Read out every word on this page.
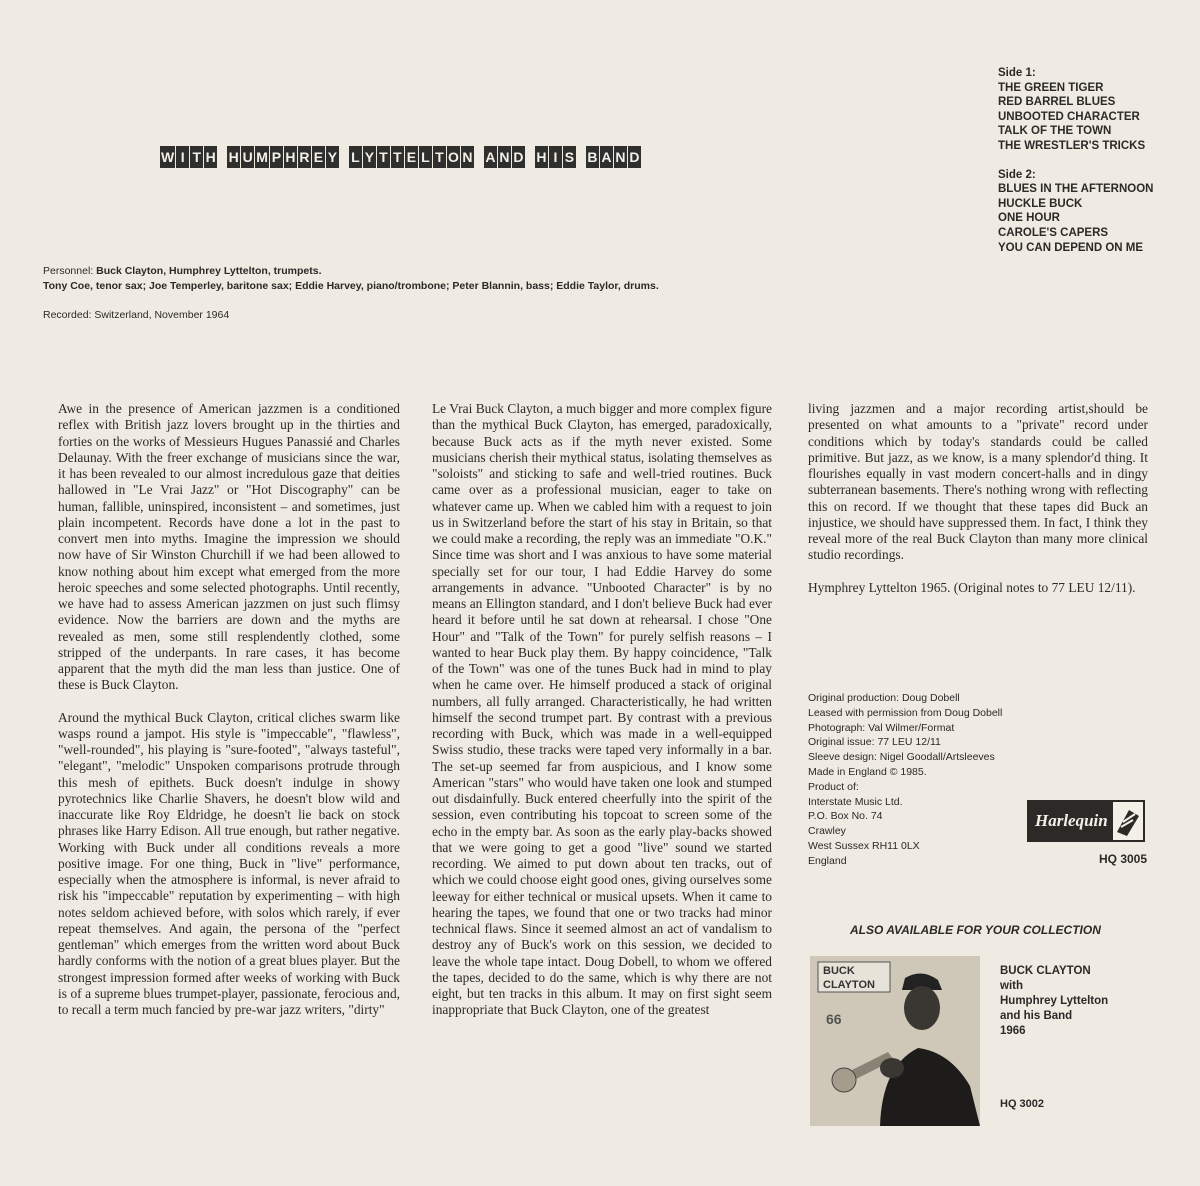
W I T H H U M P H R E Y L Y T T E L T O N A N D H I S B A N D
Side 1:
THE GREEN TIGER
RED BARREL BLUES
UNBOOTED CHARACTER
TALK OF THE TOWN
THE WRESTLER'S TRICKS
Side 2:
BLUES IN THE AFTERNOON
HUCKLE BUCK
ONE HOUR
CAROLE'S CAPERS
YOU CAN DEPEND ON ME
Personnel: Buck Clayton, Humphrey Lyttelton, trumpets.
Tony Coe, tenor sax; Joe Temperley, baritone sax; Eddie Harvey, piano/trombone; Peter Blannin, bass; Eddie Taylor, drums.
Recorded: Switzerland, November 1964

Awe in the presence of American jazzmen is a conditioned reflex with British jazz lovers brought up in the thirties and forties on the works of Messieurs Hugues Panassié and Charles Delaunay. With the freer exchange of musicians since the war, it has been revealed to our almost incredulous gaze that deities hallowed in "Le Vrai Jazz" or "Hot Discography" can be human, fallible, uninspired, inconsistent – and sometimes, just plain incompetent. Records have done a lot in the past to convert men into myths. Imagine the impression we should now have of Sir Winston Churchill if we had been allowed to know nothing about him except what emerged from the more heroic speeches and some selected photographs. Until recently, we have had to assess American jazzmen on just such flimsy evidence. Now the barriers are down and the myths are revealed as men, some still resplendently clothed, some stripped of the underpants. In rare cases, it has become apparent that the myth did the man less than justice. One of these is Buck Clayton.

Around the mythical Buck Clayton, critical cliches swarm like wasps round a jampot. His style is "impeccable", "flawless", "well-rounded", his playing is "sure-footed", "always tasteful", "elegant", "melodic" Unspoken comparisons protrude through this mesh of epithets. Buck doesn't indulge in showy pyrotechnics like Charlie Shavers, he doesn't blow wild and inaccurate like Roy Eldridge, he doesn't lie back on stock phrases like Harry Edison. All true enough, but rather negative. Working with Buck under all conditions reveals a more positive image. For one thing, Buck in "live" performance, especially when the atmosphere is informal, is never afraid to risk his "impeccable" reputation by experimenting – with high notes seldom achieved before, with solos which rarely, if ever repeat themselves. And again, the persona of the "perfect gentleman" which emerges from the written word about Buck hardly conforms with the notion of a great blues player. But the strongest impression formed after weeks of working with Buck is of a supreme blues trumpet-player, passionate, ferocious and, to recall a term much fancied by pre-war jazz writers, "dirty"

Le Vrai Buck Clayton, a much bigger and more complex figure than the mythical Buck Clayton, has emerged, paradoxically, because Buck acts as if the myth never existed. Some musicians cherish their mythical status, isolating themselves as "soloists" and sticking to safe and well-tried routines. Buck came over as a professional musician, eager to take on whatever came up. When we cabled him with a request to join us in Switzerland before the start of his stay in Britain, so that we could make a recording, the reply was an immediate "O.K." Since time was short and I was anxious to have some material specially set for our tour, I had Eddie Harvey do some arrangements in advance. "Unbooted Character" is by no means an Ellington standard, and I don't believe Buck had ever heard it before until he sat down at rehearsal. I chose "One Hour" and "Talk of the Town" for purely selfish reasons – I wanted to hear Buck play them. By happy coincidence, "Talk of the Town" was one of the tunes Buck had in mind to play when he came over. He himself produced a stack of original numbers, all fully arranged. Characteristically, he had written himself the second trumpet part. By contrast with a previous recording with Buck, which was made in a well-equipped Swiss studio, these tracks were taped very informally in a bar. The set-up seemed far from auspicious, and I know some American "stars" who would have taken one look and stumped out disdainfully. Buck entered cheerfully into the spirit of the session, even contributing his topcoat to screen some of the echo in the empty bar. As soon as the early play-backs showed that we were going to get a good "live" sound we started recording. We aimed to put down about ten tracks, out of which we could choose eight good ones, giving ourselves some leeway for either technical or musical upsets. When it came to hearing the tapes, we found that one or two tracks had minor technical flaws. Since it seemed almost an act of vandalism to destroy any of Buck's work on this session, we decided to leave the whole tape intact. Doug Dobell, to whom we offered the tapes, decided to do the same, which is why there are not eight, but ten tracks in this album. It may on first sight seem inappropriate that Buck Clayton, one of the greatest

living jazzmen and a major recording artist,should be presented on what amounts to a "private" record under conditions which by today's standards could be called primitive. But jazz, as we know, is a many splendor'd thing. It flourishes equally in vast modern concert-halls and in dingy subterranean basements. There's nothing wrong with reflecting this on record. If we thought that these tapes did Buck an injustice, we should have suppressed them. In fact, I think they reveal more of the real Buck Clayton than many more clinical studio recordings.

Hymphrey Lyttelton 1965. (Original notes to 77 LEU 12/11).

Original production: Doug Dobell
Leased with permission from Doug Dobell
Photograph: Val Wilmer/Format
Original issue: 77 LEU 12/11
Sleeve design: Nigel Goodall/Artsleeves
Made in England © 1985.
Product of:
Interstate Music Ltd.
P.O. Box No. 74
Crawley
West Sussex RH11 0LX
England
Harlequin
HQ 3005
ALSO AVAILABLE FOR YOUR COLLECTION
BUCK
CLAYTON
66
BUCK CLAYTON
with
Humphrey Lyttelton
and his Band
1966
HQ 3002
